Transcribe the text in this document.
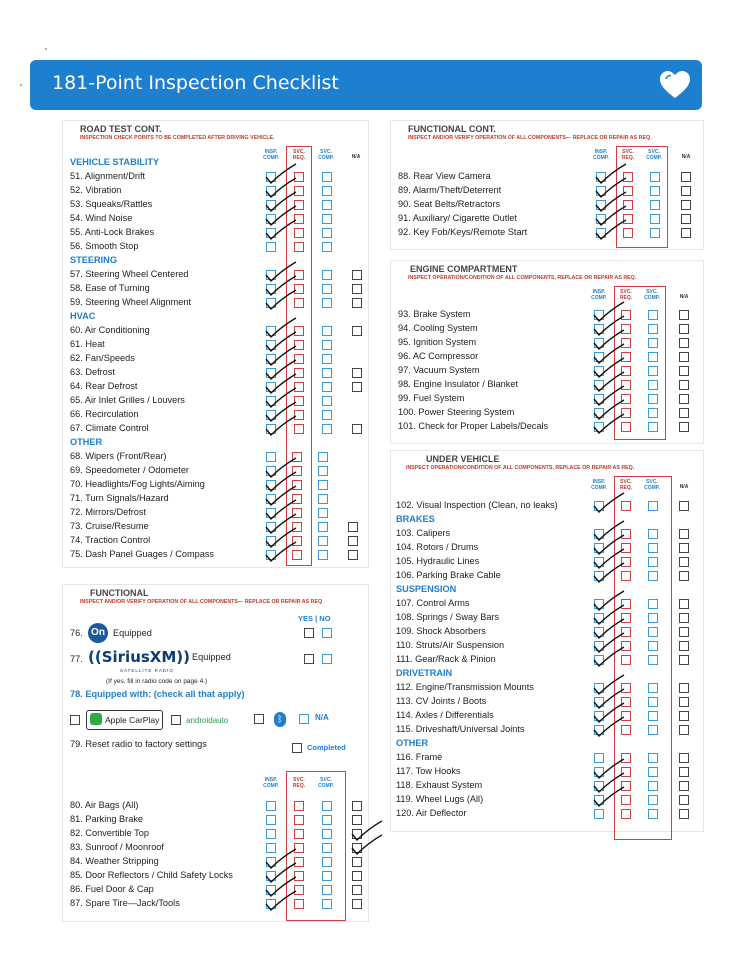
181-Point Inspection Checklist
ROAD TEST CONT.
INSPECTION CHECK POINTS TO BE COMPLETED AFTER DRIVING VEHICLE.
INSP. COMP.
SVC. REQ.
SVC. COMP.	N/A
VEHICLE STABILITY
51. Alignment/Drift
52. Vibration
53. Squeaks/Rattles
54. Wind Noise
55. Anti-Lock Brakes
56. Smooth Stop
STEERING
57. Steering Wheel Centered
58. Ease of Turning
59. Steering Wheel Alignment
HVAC
60. Air Conditioning
61. Heat
62. Fan/Speeds
63. Defrost
64. Rear Defrost
65. Air Inlet Grilles / Louvers
66. Recirculation
67. Climate Control
OTHER
68. Wipers (Front/Rear)
69. Speedometer / Odometer
70. Headlights/Fog Lights/Aiming
71. Turn Signals/Hazard
72. Mirrors/Defrost
73. Cruise/Resume
74. Traction Control
75. Dash Panel Guages / Compass
FUNCTIONAL
INSPECT AND/OR VERIFY OPERATION OF ALL COMPONENTS— REPLACE OR REPAIR AS REQ.
YES | NO
76. On Equipped
77. ((SiriusXM))
SATELLITE RADIO
Equipped
(If yes, fill in radio code on page 4.)
78. Equipped with: (check all that apply)
Apple CarPlay	androidauto	ᛒ	N/A
79. Reset radio to factory settings	Completed
INSP. COMP.
SVC. REQ.
SVC. COMP.
80. Air Bags (All)
81. Parking Brake
82. Convertible Top
83. Sunroof / Moonroof
84. Weather Stripping
85. Door Reflectors / Child Safety Locks
86. Fuel Door & Cap
87. Spare Tire—Jack/Tools
FUNCTIONAL CONT.
INSPECT AND/OR VERIFY OPERATION OF ALL COMPONENTS— REPLACE OR REPAIR AS REQ.
INSP. COMP.
SVC. REQ.
SVC. COMP.	N/A
88. Rear View Camera
89. Alarm/Theft/Deterrent
90. Seat Belts/Retractors
91. Auxiliary/ Cigarette Outlet
92. Key Fob/Keys/Remote Start
ENGINE COMPARTMENT
INSPECT OPERATION/CONDITION OF ALL COMPONENTS, REPLACE OR REPAIR AS REQ.
INSP. COMP.
SVC. REQ.
SVC. COMP.	N/A
93. Brake System
94. Cooling System
95. Ignition System
96. AC Compressor
97. Vacuum System
98. Engine Insulator / Blanket
99. Fuel System
100. Power Steering System
101. Check for Proper Labels/Decals
UNDER VEHICLE
INSPECT OPERATION/CONDITION OF ALL COMPONENTS, REPLACE OR REPAIR AS REQ.
INSP. COMP.
SVC. REQ.
SVC. COMP.	N/A
102. Visual Inspection (Clean, no leaks)
BRAKES
103. Calipers
104. Rotors / Drums
105. Hydraulic Lines
106. Parking Brake Cable
SUSPENSION
107. Control Arms
108. Springs / Sway Bars
109. Shock Absorbers
110. Struts/Air Suspension
111. Gear/Rack & Pinion
DRIVETRAIN
112. Engine/Transmission Mounts
113. CV Joints / Boots
114. Axles / Differentials
115. Driveshaft/Universal Joints
OTHER
116. Frame
117. Tow Hooks
118. Exhaust System
119. Wheel Lugs (All)
120. Air Deflector
